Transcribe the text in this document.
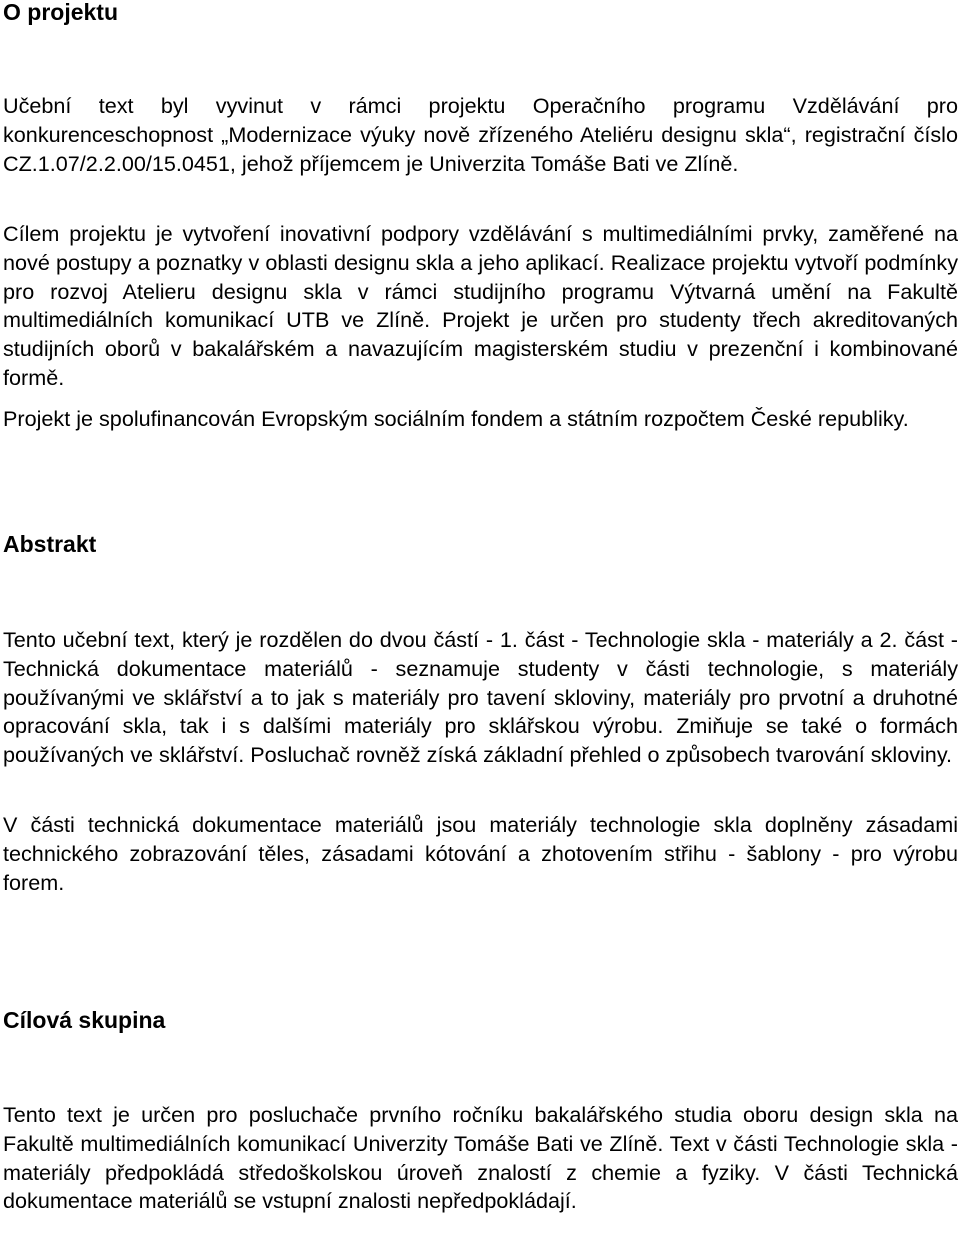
O projektu

Učební text byl vyvinut v rámci projektu Operačního programu Vzdělávání pro konkurenceschopnost „Modernizace výuky nově zřízeného Ateliéru designu skla“, registrační číslo CZ.1.07/2.2.00/15.0451, jehož příjemcem je Univerzita Tomáše Bati ve Zlíně.

Cílem projektu je vytvoření inovativní podpory vzdělávání s multimediálními prvky, zaměřené na nové postupy a poznatky v oblasti designu skla a jeho aplikací. Realizace projektu vytvoří podmínky pro rozvoj Atelieru designu skla v rámci studijního programu Výtvarná umění na Fakultě multimediálních komunikací UTB ve Zlíně. Projekt je určen pro studenty třech akreditovaných studijních oborů v bakalářském a navazujícím magisterském studiu v prezenční i kombinované formě.

Projekt je spolufinancován Evropským sociálním fondem a státním rozpočtem České republiky.

Abstrakt

Tento učební text, který je rozdělen do dvou částí - 1. část - Technologie skla - materiály a 2. část - Technická dokumentace materiálů - seznamuje studenty v části technologie, s materiály používanými ve sklářství a to jak s materiály pro tavení skloviny, materiály pro prvotní a druhotné opracování skla, tak i s dalšími materiály pro sklářskou výrobu. Zmiňuje se také o formách používaných ve sklářství. Posluchač rovněž získá základní přehled o způsobech tvarování skloviny.

V části technická dokumentace materiálů jsou materiály technologie skla doplněny zásadami technického zobrazování těles, zásadami kótování a zhotovením střihu - šablony - pro výrobu forem.

Cílová skupina

Tento text je určen pro posluchače prvního ročníku bakalářského studia oboru design skla na Fakultě multimediálních komunikací Univerzity Tomáše Bati ve Zlíně. Text v části Technologie skla - materiály předpokládá středoškolskou úroveň znalostí z chemie a fyziky. V části Technická dokumentace materiálů se vstupní znalosti nepředpokládají.
